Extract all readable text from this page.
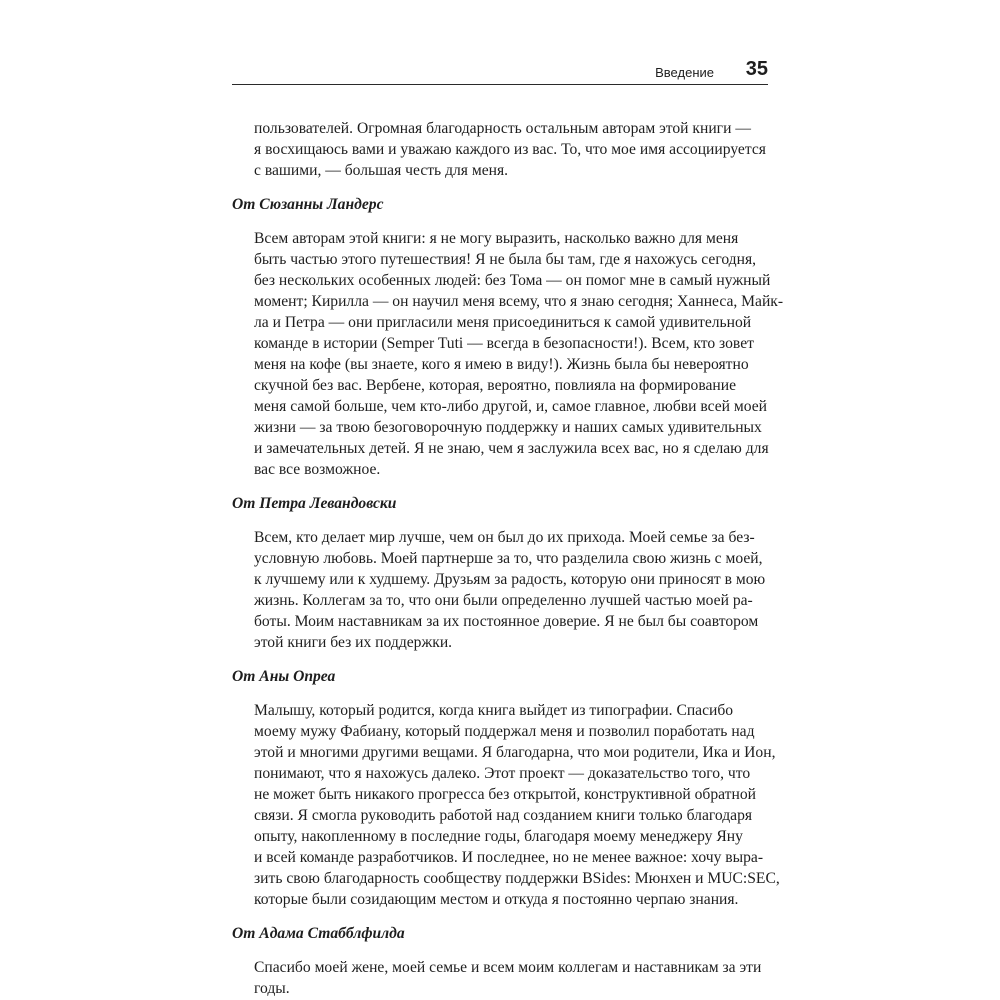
Введение 35
пользователей. Огромная благодарность остальным авторам этой книги —
я восхищаюсь вами и уважаю каждого из вас. То, что мое имя ассоциируется
с вашими, — большая честь для меня.
От Сюзанны Ландерс
Всем авторам этой книги: я не могу выразить, насколько важно для меня
быть частью этого путешествия! Я не была бы там, где я нахожусь сегодня,
без нескольких особенных людей: без Тома — он помог мне в самый нужный
момент; Кирилла — он научил меня всему, что я знаю сегодня; Ханнеса, Майк-
ла и Петра — они пригласили меня присоединиться к самой удивительной
команде в истории (Semper Tuti — всегда в безопасности!). Всем, кто зовет
меня на кофе (вы знаете, кого я имею в виду!). Жизнь была бы невероятно
скучной без вас. Вербене, которая, вероятно, повлияла на формирование
меня самой больше, чем кто-либо другой, и, самое главное, любви всей моей
жизни — за твою безоговорочную поддержку и наших самых удивительных
и замечательных детей. Я не знаю, чем я заслужила всех вас, но я сделаю для
вас все возможное.
От Петра Левандовски
Всем, кто делает мир лучше, чем он был до их прихода. Моей семье за без-
условную любовь. Моей партнерше за то, что разделила свою жизнь с моей,
к лучшему или к худшему. Друзьям за радость, которую они приносят в мою
жизнь. Коллегам за то, что они были определенно лучшей частью моей ра-
боты. Моим наставникам за их постоянное доверие. Я не был бы соавтором
этой книги без их поддержки.
От Аны Опреа
Малышу, который родится, когда книга выйдет из типографии. Спасибо
моему мужу Фабиану, который поддержал меня и позволил поработать над
этой и многими другими вещами. Я благодарна, что мои родители, Ика и Ион,
понимают, что я нахожусь далеко. Этот проект — доказательство того, что
не может быть никакого прогресса без открытой, конструктивной обратной
связи. Я смогла руководить работой над созданием книги только благодаря
опыту, накопленному в последние годы, благодаря моему менеджеру Яну
и всей команде разработчиков. И последнее, но не менее важное: хочу выра-
зить свою благодарность сообществу поддержки BSides: Мюнхен и MUC:SEC,
которые были созидающим местом и откуда я постоянно черпаю знания.
От Адама Стабблфилда
Спасибо моей жене, моей семье и всем моим коллегам и наставникам за эти
годы.
